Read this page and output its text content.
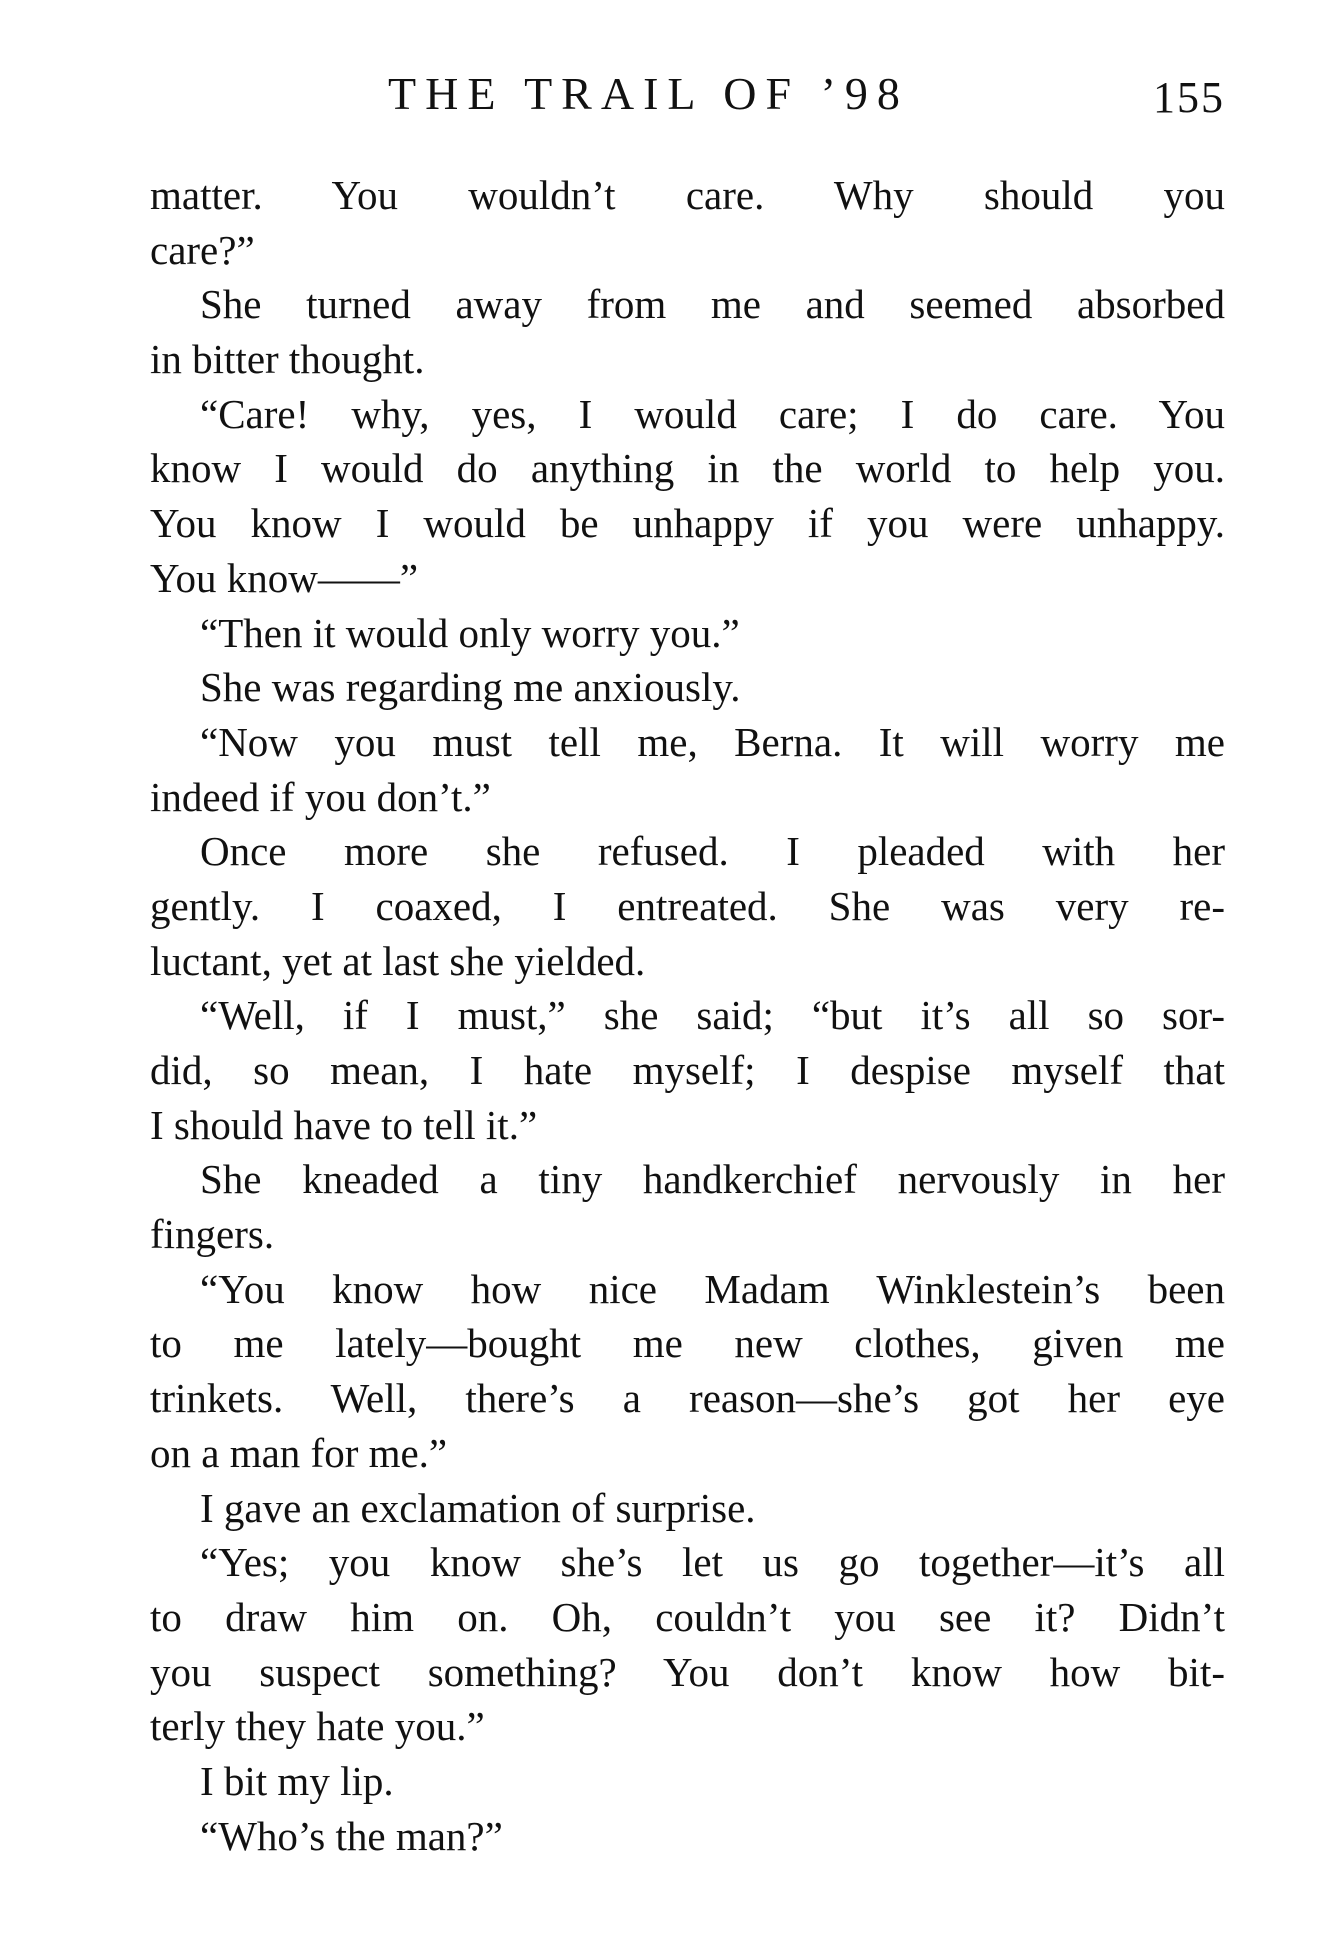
THE TRAIL OF ’98	155
matter. You wouldn’t care. Why should you
care?”
She turned away from me and seemed absorbed
in bitter thought.
“Care! why, yes, I would care; I do care. You
know I would do anything in the world to help you.
You know I would be unhappy if you were unhappy.
You know——”
“Then it would only worry you.”
She was regarding me anxiously.
“Now you must tell me, Berna. It will worry me
indeed if you don’t.”
Once more she refused. I pleaded with her
gently. I coaxed, I entreated. She was very re-
luctant, yet at last she yielded.
“Well, if I must,” she said; “but it’s all so sor-
did, so mean, I hate myself; I despise myself that
I should have to tell it.”
She kneaded a tiny handkerchief nervously in her
fingers.
“You know how nice Madam Winklestein’s been
to me lately—bought me new clothes, given me
trinkets. Well, there’s a reason—she’s got her eye
on a man for me.”
I gave an exclamation of surprise.
“Yes; you know she’s let us go together—it’s all
to draw him on. Oh, couldn’t you see it? Didn’t
you suspect something? You don’t know how bit-
terly they hate you.”
I bit my lip.
“Who’s the man?”
